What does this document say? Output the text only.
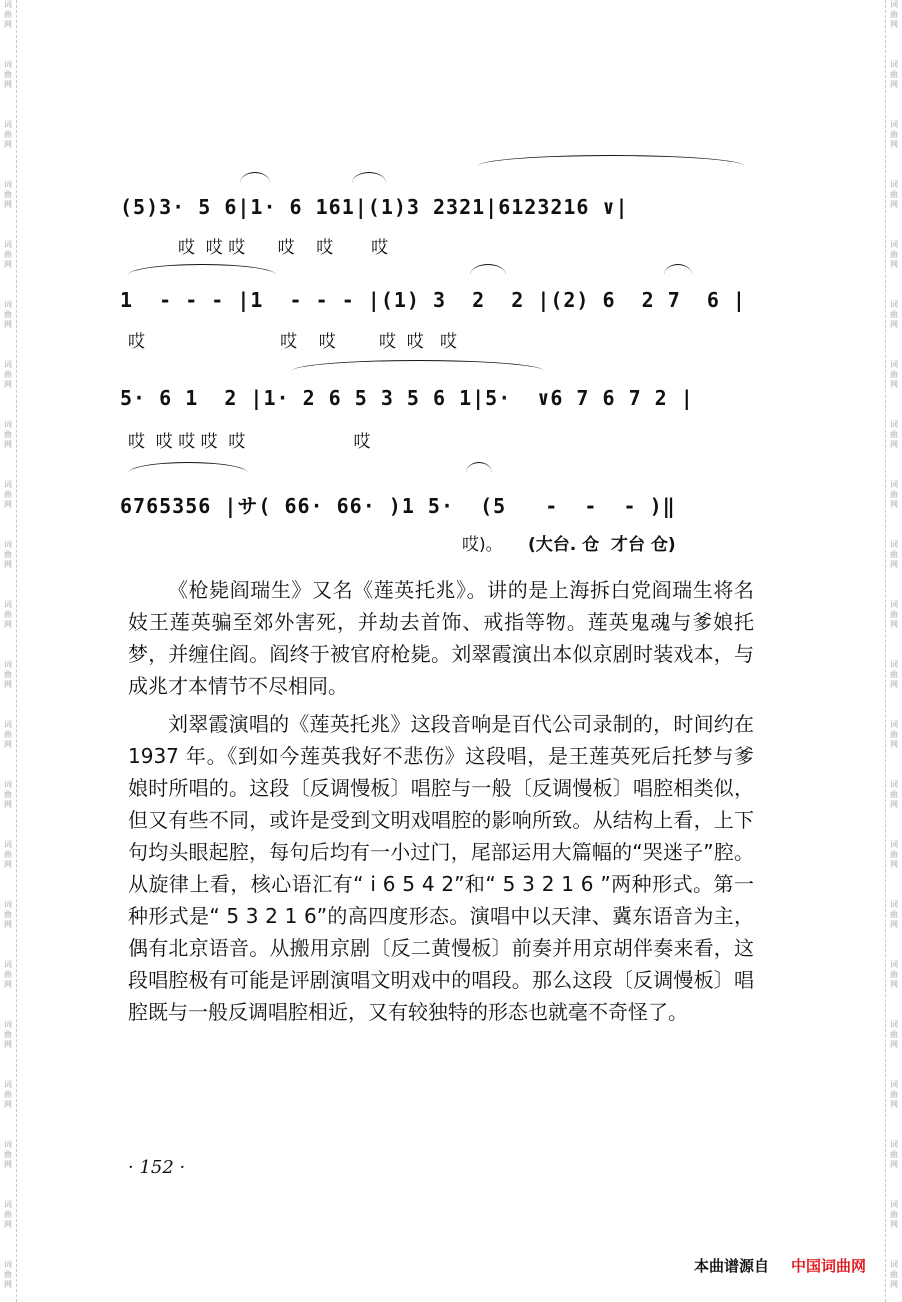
词曲网
词曲网
词曲网
词曲网
词曲网
词曲网
词曲网
词曲网
词曲网
词曲网
词曲网
词曲网
词曲网
词曲网
词曲网
词曲网
词曲网
词曲网
词曲网
词曲网
词曲网
词曲网
词曲网
词曲网
词曲网
词曲网
词曲网
词曲网
词曲网
词曲网
词曲网
词曲网
词曲网
词曲网
词曲网
词曲网
词曲网
词曲网
词曲网
词曲网
词曲网
词曲网
词曲网
词曲网
(5)3· 5 6|1· 6 161|(1)3 2321|6123216 ∨|
哎  哎 哎      哎    哎       哎
1  - - - |1  - - - |(1) 3  2  2 |(2) 6  2 7  6 |
哎                         哎    哎        哎  哎   哎
5· 6 1  2 |1· 2 6 5 3 5 6 1|5·  ∨6 7 6 7 2 |
哎  哎 哎 哎  哎                    哎
6765356 |サ( 66· 66· )1 5·  (5   -  -  - )‖
哎)。 (大台. 仓  才台 仓)

《枪毙阎瑞生》又名《莲英托兆》。讲的是上海拆白党阎瑞生将名妓王莲英骗至郊外害死，并劫去首饰、戒指等物。莲英鬼魂与爹娘托梦，并缠住阎。阎终于被官府枪毙。刘翠霞演出本似京剧时装戏本，与成兆才本情节不尽相同。

刘翠霞演唱的《莲英托兆》这段音响是百代公司录制的，时间约在 1937 年。《到如今莲英我好不悲伤》这段唱，是王莲英死后托梦与爹娘时所唱的。这段〔反调慢板〕唱腔与一般〔反调慢板〕唱腔相类似，但又有些不同，或许是受到文明戏唱腔的影响所致。从结构上看，上下句均头眼起腔，每句后均有一小过门，尾部运用大篇幅的“哭迷子”腔。从旋律上看，核心语汇有“ i 6 5 4 2”和“ 5 3 2 1 6 ”两种形式。第一种形式是“ 5 3 2 1 6”的高四度形态。演唱中以天津、冀东语音为主，偶有北京语音。从搬用京剧〔反二黄慢板〕前奏并用京胡伴奏来看，这段唱腔极有可能是评剧演唱文明戏中的唱段。那么这段〔反调慢板〕唱腔既与一般反调唱腔相近，又有较独特的形态也就毫不奇怪了。

· 152 ·
本曲谱源自 中国词曲网
